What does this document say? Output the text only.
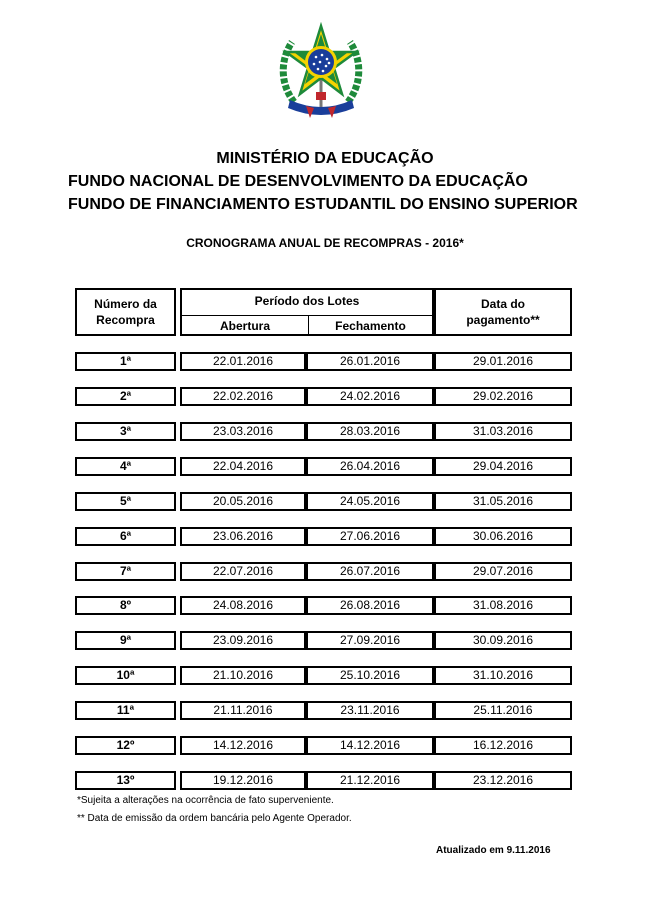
MINISTÉRIO DA EDUCAÇÃO
FUNDO NACIONAL DE DESENVOLVIMENTO DA EDUCAÇÃO
FUNDO DE FINANCIAMENTO ESTUDANTIL DO ENSINO SUPERIOR
CRONOGRAMA ANUAL DE RECOMPRAS - 2016*
Número da Recompra
Período dos Lotes
Abertura	Fechamento
Data do pagamento**
1ª	22.01.2016	26.01.2016	29.01.2016
2ª	22.02.2016	24.02.2016	29.02.2016
3ª	23.03.2016	28.03.2016	31.03.2016
4ª	22.04.2016	26.04.2016	29.04.2016
5ª	20.05.2016	24.05.2016	31.05.2016
6ª	23.06.2016	27.06.2016	30.06.2016
7ª	22.07.2016	26.07.2016	29.07.2016
8º	24.08.2016	26.08.2016	31.08.2016
9ª	23.09.2016	27.09.2016	30.09.2016
10ª	21.10.2016	25.10.2016	31.10.2016
11ª	21.11.2016	23.11.2016	25.11.2016
12º	14.12.2016	14.12.2016	16.12.2016
13º	19.12.2016	21.12.2016	23.12.2016
*Sujeita a alterações na ocorrência de fato superveniente.
** Data de emissão da ordem bancária pelo Agente Operador.
Atualizado em 9.11.2016
